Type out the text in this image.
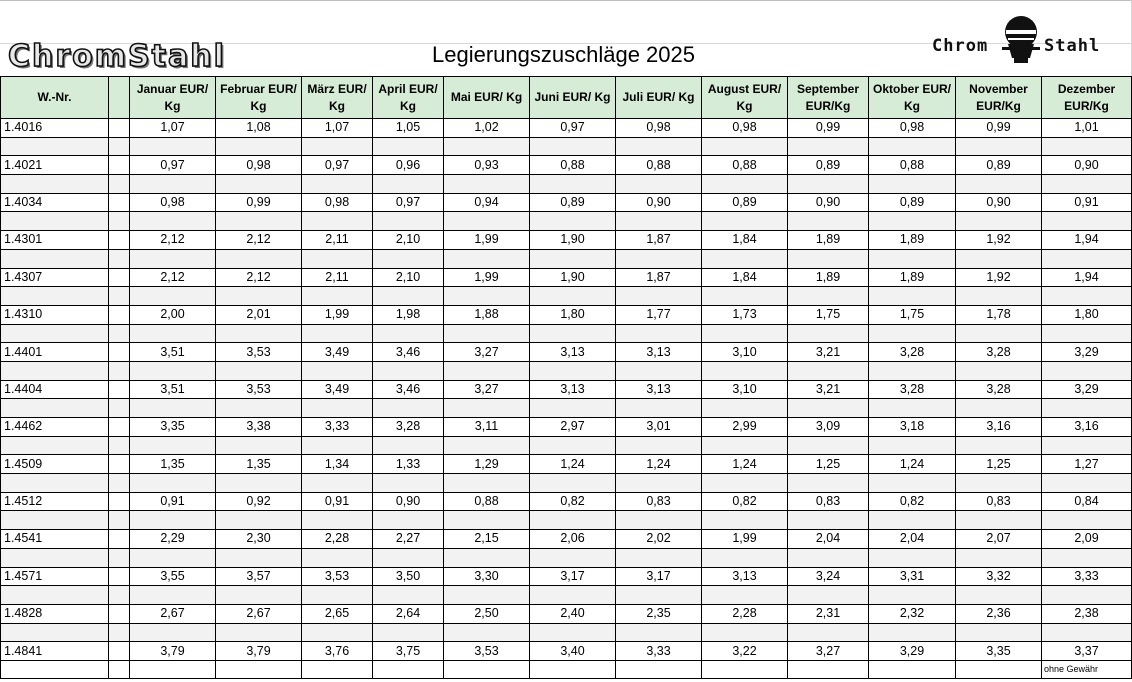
ChromStahl	Legierungszuschläge 2025	Chrom	Stahl
W.-Nr.		Januar EUR/ Kg	Februar EUR/ Kg	März EUR/ Kg	April EUR/ Kg	Mai EUR/ Kg	Juni EUR/ Kg	Juli EUR/ Kg	August EUR/ Kg	September EUR/Kg	Oktober EUR/ Kg	November EUR/Kg	Dezember EUR/Kg
1.4016		1,07	1,08	1,07	1,05	1,02	0,97	0,98	0,98	0,99	0,98	0,99	1,01

1.4021		0,97	0,98	0,97	0,96	0,93	0,88	0,88	0,88	0,89	0,88	0,89	0,90

1.4034		0,98	0,99	0,98	0,97	0,94	0,89	0,90	0,89	0,90	0,89	0,90	0,91

1.4301		2,12	2,12	2,11	2,10	1,99	1,90	1,87	1,84	1,89	1,89	1,92	1,94

1.4307		2,12	2,12	2,11	2,10	1,99	1,90	1,87	1,84	1,89	1,89	1,92	1,94

1.4310		2,00	2,01	1,99	1,98	1,88	1,80	1,77	1,73	1,75	1,75	1,78	1,80

1.4401		3,51	3,53	3,49	3,46	3,27	3,13	3,13	3,10	3,21	3,28	3,28	3,29

1.4404		3,51	3,53	3,49	3,46	3,27	3,13	3,13	3,10	3,21	3,28	3,28	3,29

1.4462		3,35	3,38	3,33	3,28	3,11	2,97	3,01	2,99	3,09	3,18	3,16	3,16

1.4509		1,35	1,35	1,34	1,33	1,29	1,24	1,24	1,24	1,25	1,24	1,25	1,27

1.4512		0,91	0,92	0,91	0,90	0,88	0,82	0,83	0,82	0,83	0,82	0,83	0,84

1.4541		2,29	2,30	2,28	2,27	2,15	2,06	2,02	1,99	2,04	2,04	2,07	2,09

1.4571		3,55	3,57	3,53	3,50	3,30	3,17	3,17	3,13	3,24	3,31	3,32	3,33

1.4828		2,67	2,67	2,65	2,64	2,50	2,40	2,35	2,28	2,31	2,32	2,36	2,38

1.4841		3,79	3,79	3,76	3,75	3,53	3,40	3,33	3,22	3,27	3,29	3,35	3,37
													ohne Gewähr
